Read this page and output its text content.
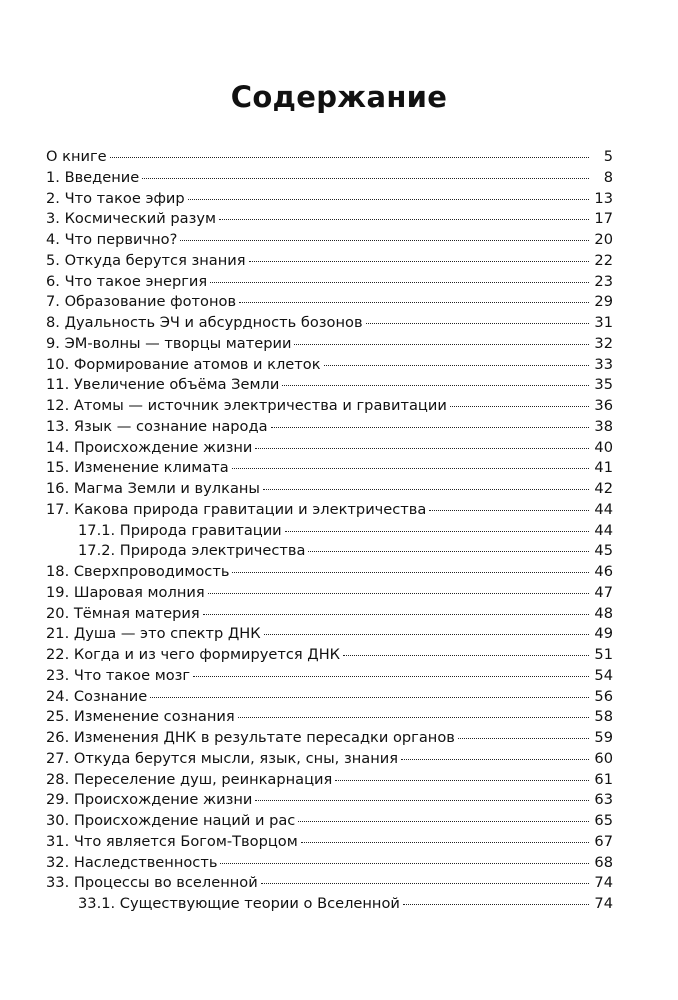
Содержание
О книге	5
1. Введение	8
2. Что такое эфир	13
3. Космический разум	17
4. Что первично?	20
5. Откуда берутся знания	22
6. Что такое энергия	23
7. Образование фотонов	29
8. Дуальность ЭЧ и абсурдность бозонов	31
9. ЭМ-волны — творцы материи	32
10. Формирование атомов и клеток	33
11. Увеличение объёма Земли	35
12. Атомы — источник электричества и гравитации	36
13. Язык — сознание народа	38
14. Происхождение жизни	40
15. Изменение климата	41
16. Магма Земли и вулканы	42
17. Какова природа гравитации и электричества	44
17.1. Природа гравитации	44
17.2. Природа электричества	45
18. Сверхпроводимость	46
19. Шаровая молния	47
20. Тёмная материя	48
21. Душа — это спектр ДНК	49
22. Когда и из чего формируется ДНК	51
23. Что такое мозг	54
24. Сознание	56
25. Изменение сознания	58
26. Изменения ДНК в результате пересадки органов	59
27. Откуда берутся мысли, язык, сны, знания	60
28. Переселение душ, реинкарнация	61
29. Происхождение жизни	63
30. Происхождение наций и рас	65
31. Что является Богом-Творцом	67
32. Наследственность	68
33. Процессы во вселенной	74
33.1. Существующие теории о Вселенной	74
